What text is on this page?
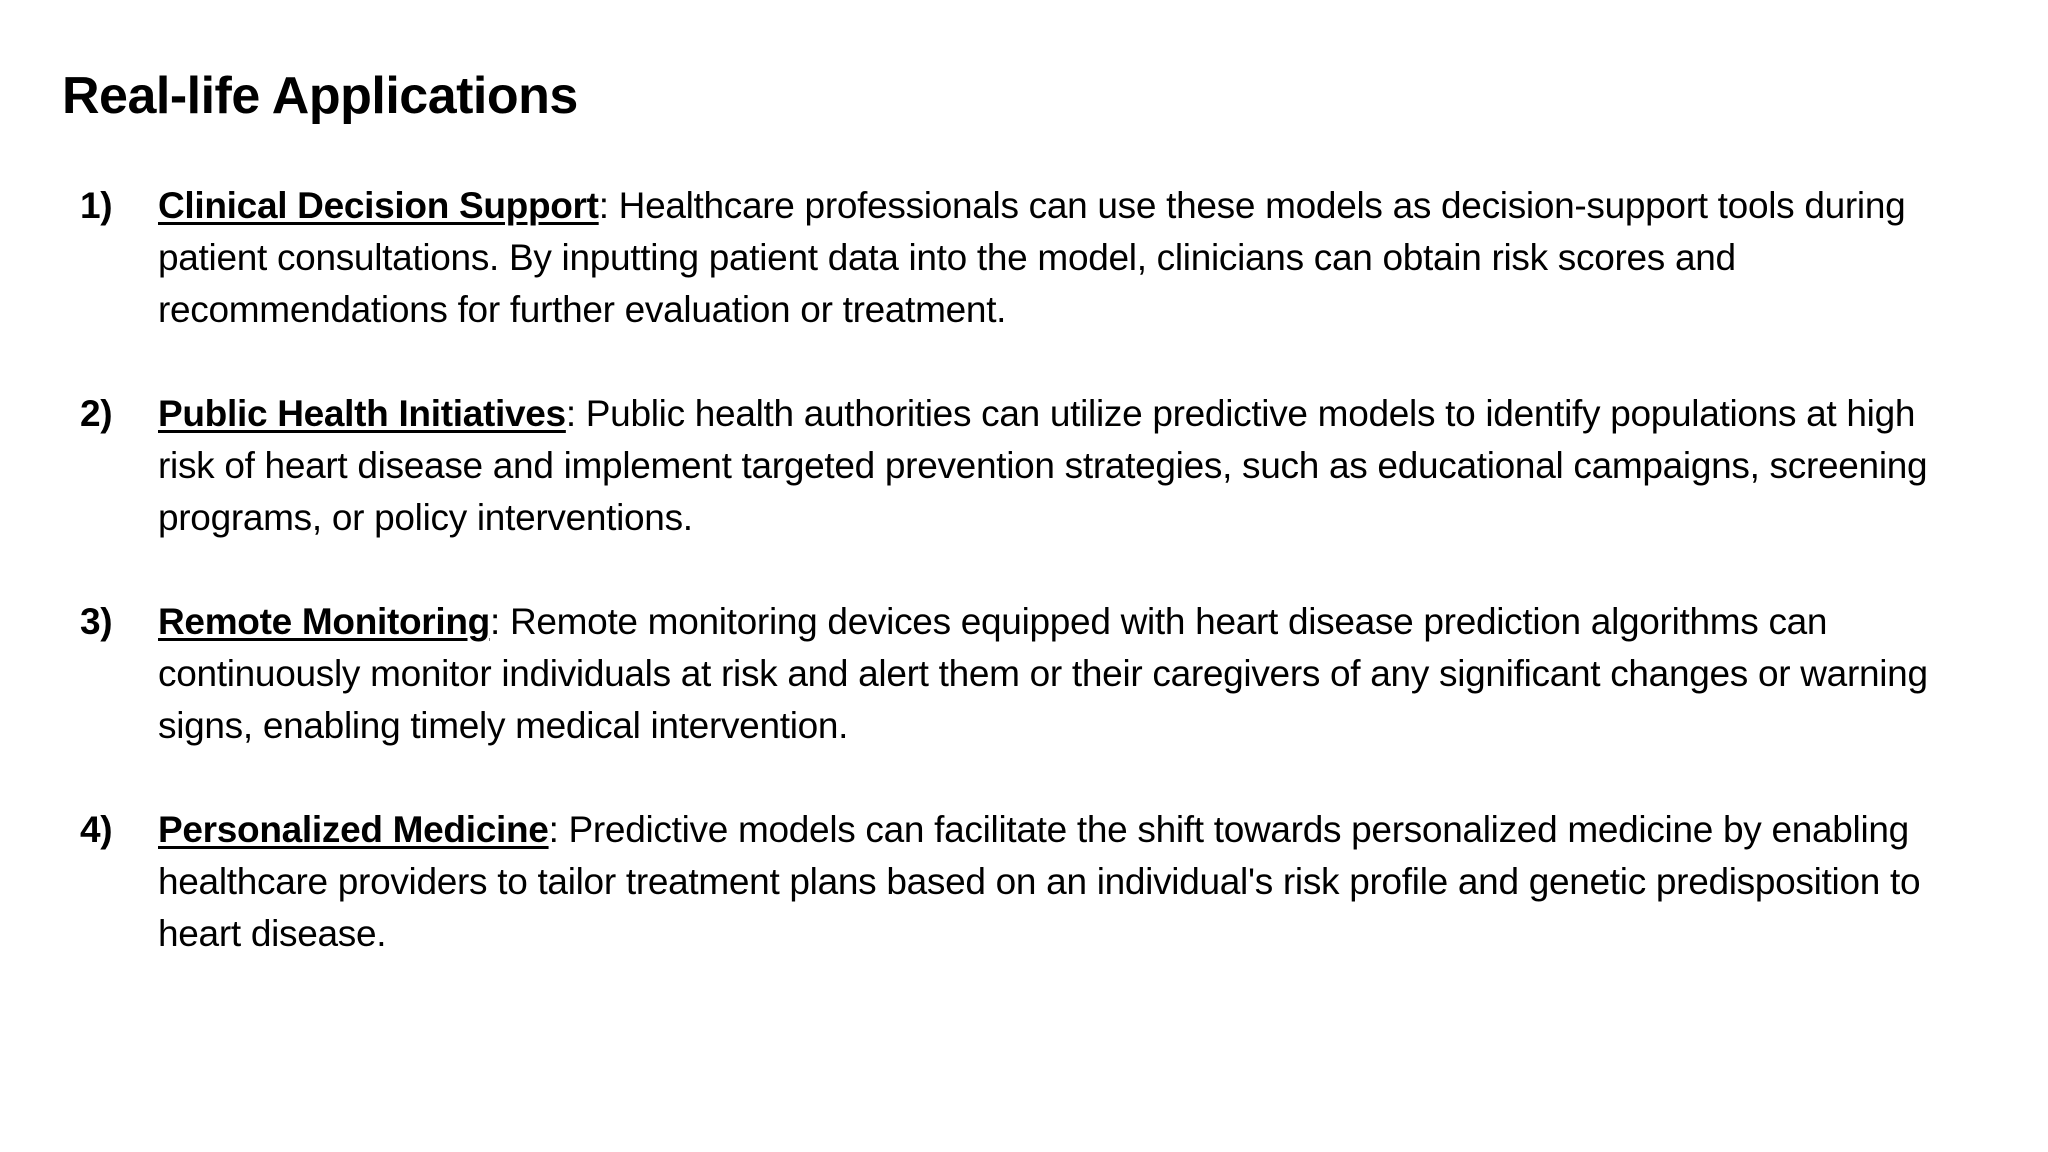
Real-life Applications
1) Clinical Decision Support: Healthcare professionals can use these models as decision-support tools during patient consultations. By inputting patient data into the model, clinicians can obtain risk scores and recommendations for further evaluation or treatment.
2) Public Health Initiatives: Public health authorities can utilize predictive models to identify populations at high risk of heart disease and implement targeted prevention strategies, such as educational campaigns, screening programs, or policy interventions.
3) Remote Monitoring: Remote monitoring devices equipped with heart disease prediction algorithms can continuously monitor individuals at risk and alert them or their caregivers of any significant changes or warning signs, enabling timely medical intervention.
4) Personalized Medicine: Predictive models can facilitate the shift towards personalized medicine by enabling healthcare providers to tailor treatment plans based on an individual's risk profile and genetic predisposition to heart disease.
